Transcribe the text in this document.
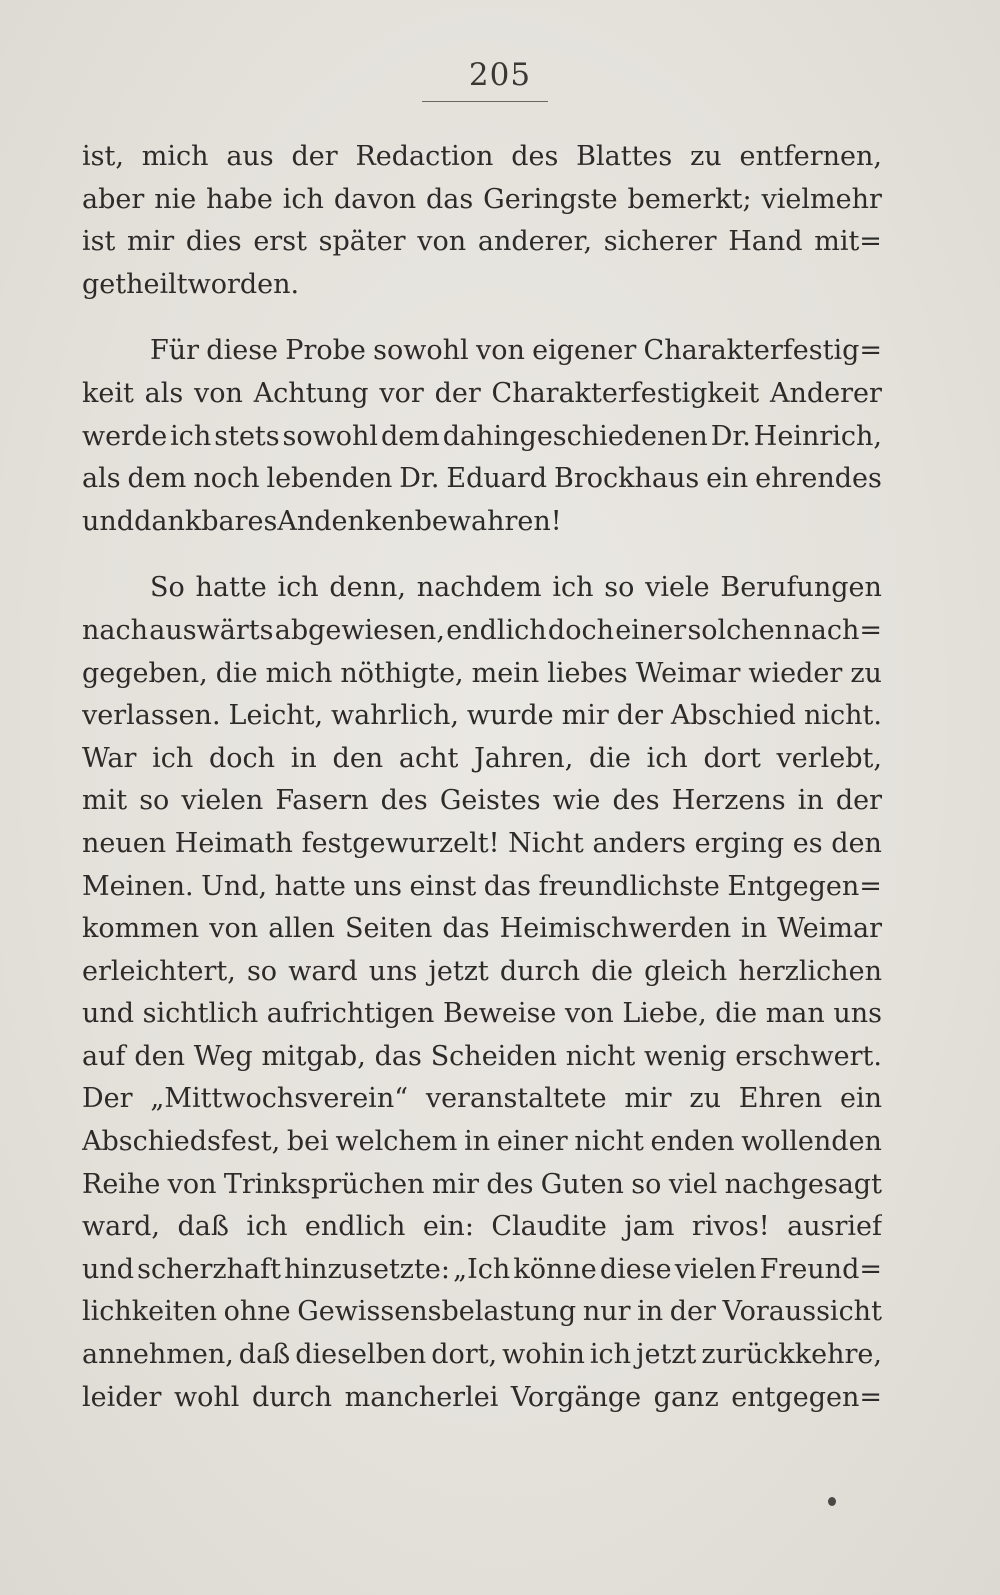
205
ist, mich aus der Redaction des Blattes zu entfernen,
aber nie habe ich davon das Geringste bemerkt; vielmehr
ist mir dies erst später von anderer, sicherer Hand mit=
getheilt worden.
Für diese Probe sowohl von eigener Charakterfestig=
keit als von Achtung vor der Charakterfestigkeit Anderer
werde ich stets sowohl dem dahingeschiedenen Dr. Heinrich,
als dem noch lebenden Dr. Eduard Brockhaus ein ehrendes
und dankbares Andenken bewahren!
So hatte ich denn, nachdem ich so viele Berufungen
nach auswärts abgewiesen, endlich doch einer solchen nach=
gegeben, die mich nöthigte, mein liebes Weimar wieder zu
verlassen. Leicht, wahrlich, wurde mir der Abschied nicht.
War ich doch in den acht Jahren, die ich dort verlebt,
mit so vielen Fasern des Geistes wie des Herzens in der
neuen Heimath festgewurzelt! Nicht anders erging es den
Meinen. Und, hatte uns einst das freundlichste Entgegen=
kommen von allen Seiten das Heimischwerden in Weimar
erleichtert, so ward uns jetzt durch die gleich herzlichen
und sichtlich aufrichtigen Beweise von Liebe, die man uns
auf den Weg mitgab, das Scheiden nicht wenig erschwert.
Der „Mittwochsverein“ veranstaltete mir zu Ehren ein
Abschiedsfest, bei welchem in einer nicht enden wollenden
Reihe von Trinksprüchen mir des Guten so viel nachgesagt
ward, daß ich endlich ein: Claudite jam rivos! ausrief
und scherzhaft hinzusetzte: „Ich könne diese vielen Freund=
lichkeiten ohne Gewissensbelastung nur in der Voraussicht
annehmen, daß dieselben dort, wohin ich jetzt zurückkehre,
leider wohl durch mancherlei Vorgänge ganz entgegen=
